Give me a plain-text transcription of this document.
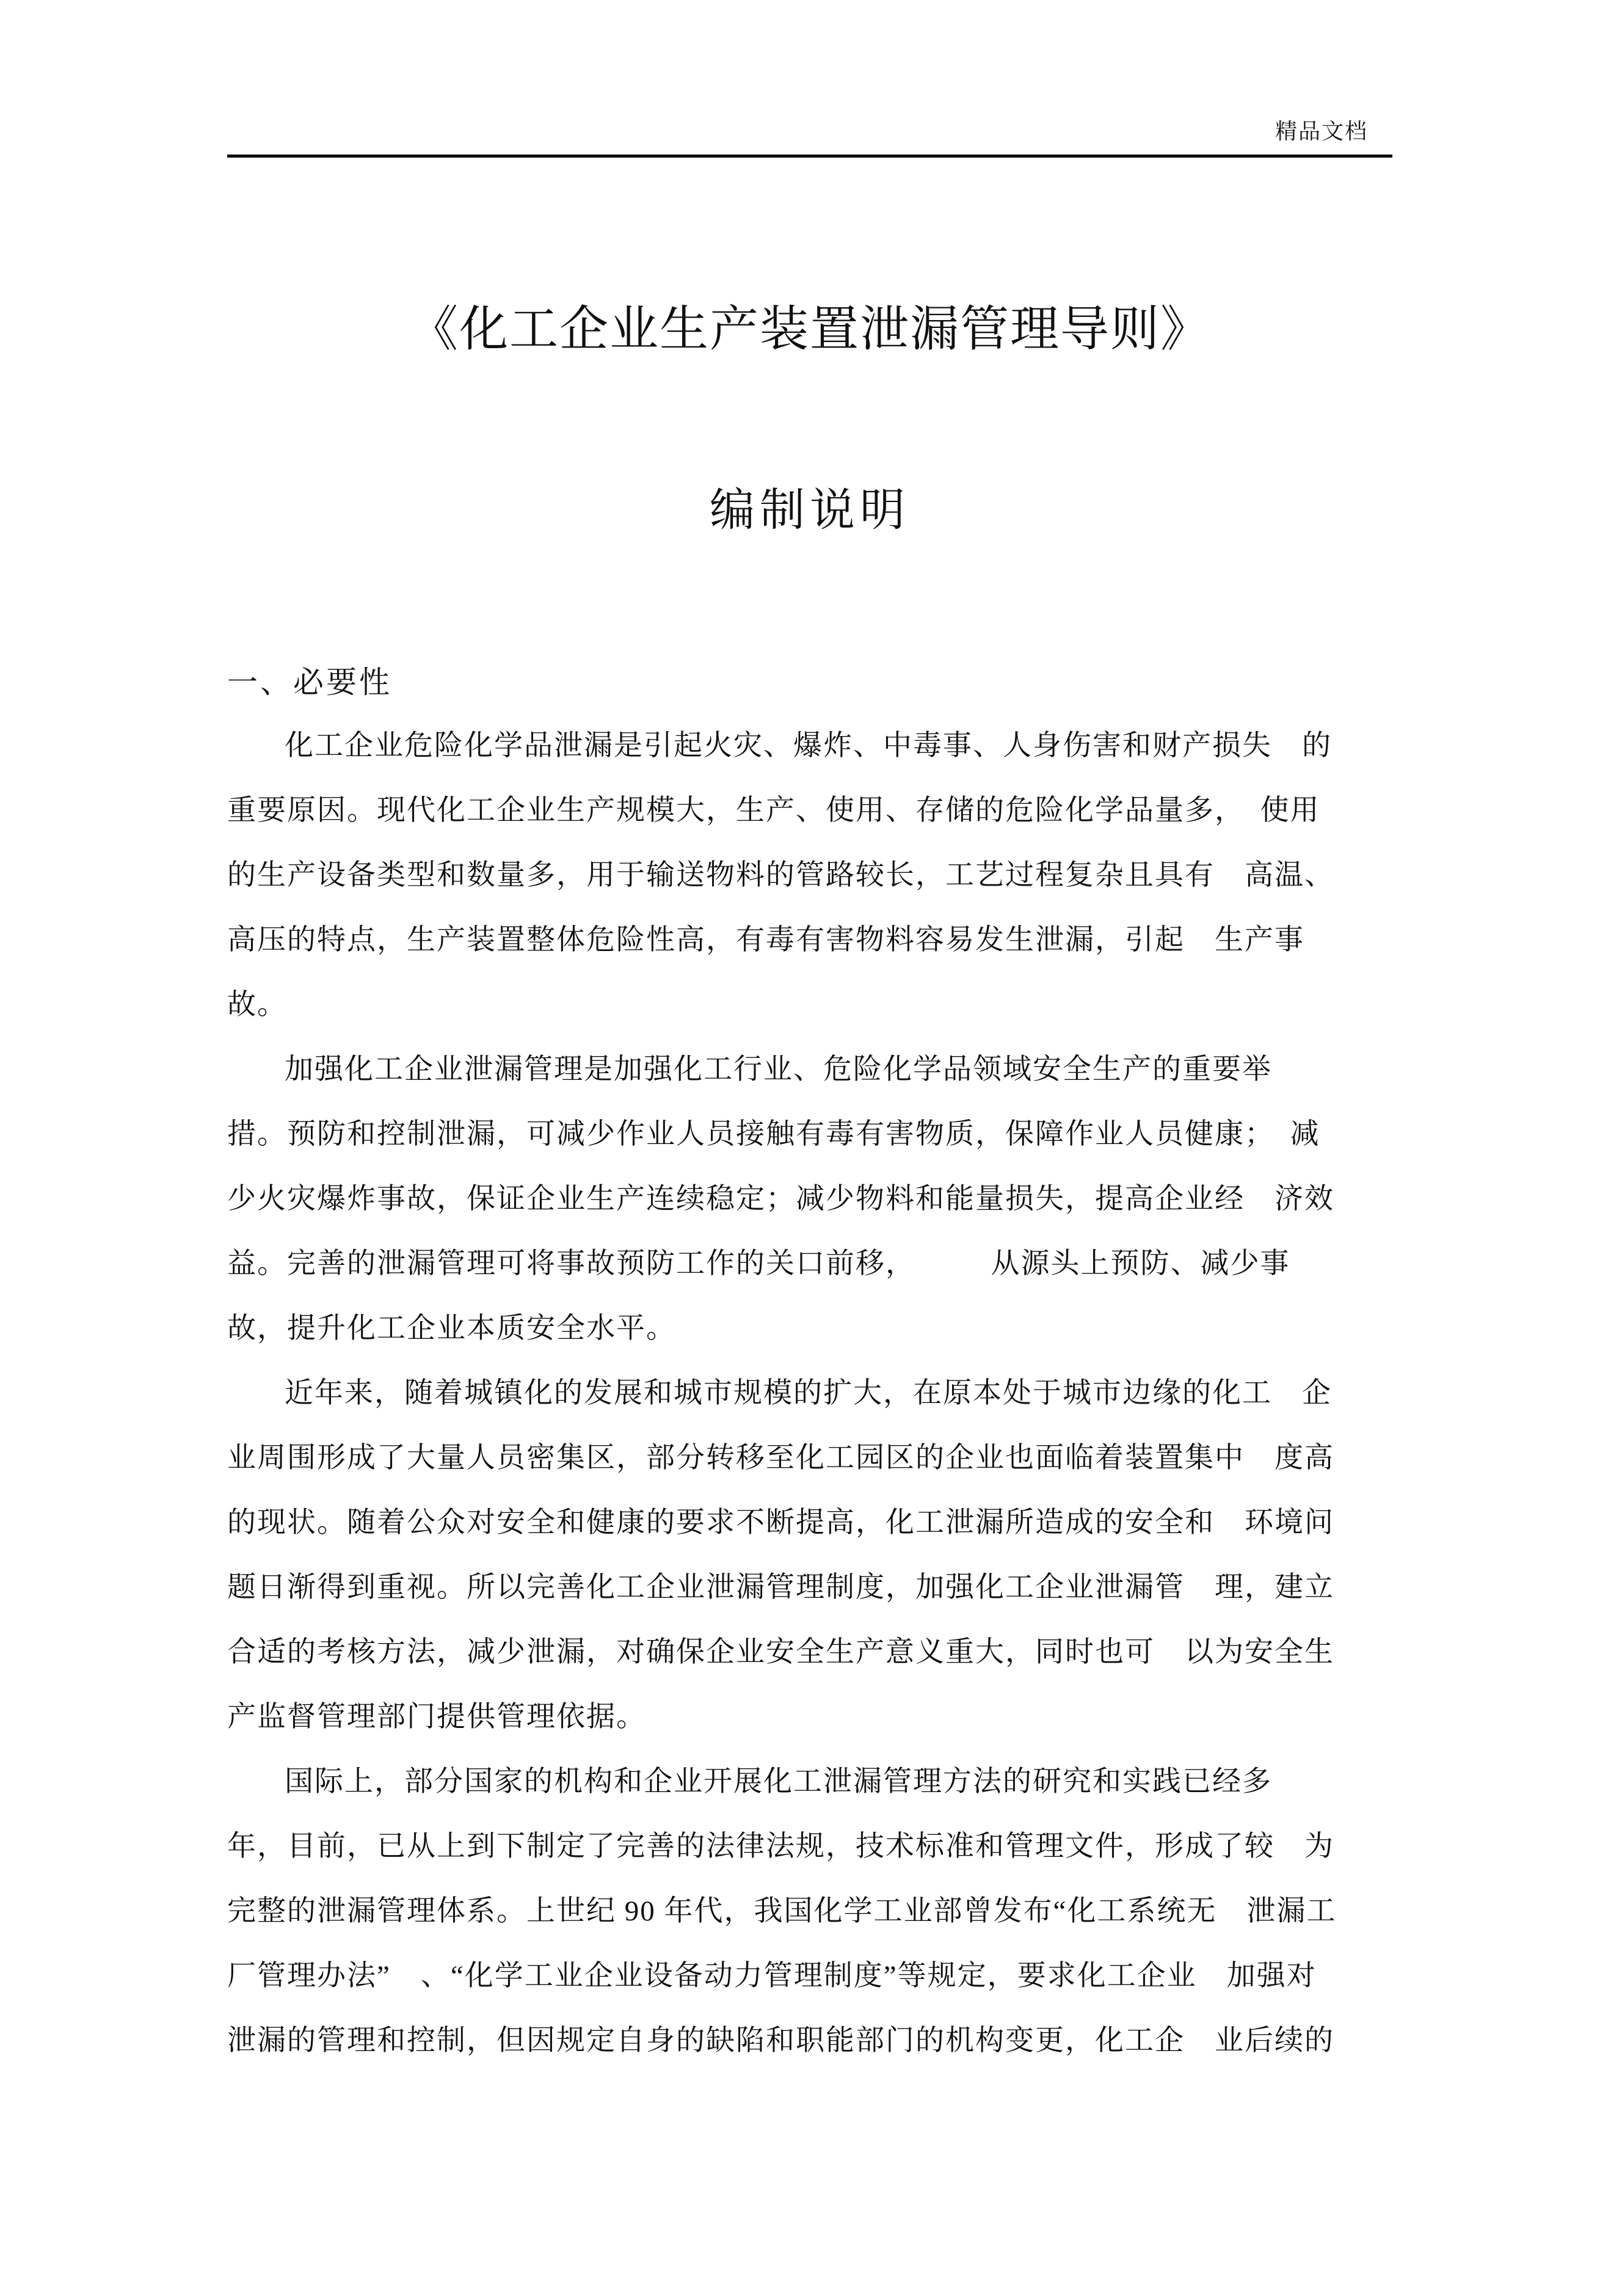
精品文档
《化工企业生产装置泄漏管理导则》
编制说明
一、必要性
化工企业危险化学品泄漏是引起火灾、爆炸、中毒事、人身伤害和财产损失　的
重要原因。现代化工企业生产规模大，生产、使用、存储的危险化学品量多，　使用
的生产设备类型和数量多，用于输送物料的管路较长，工艺过程复杂且具有　高温、
高压的特点，生产装置整体危险性高，有毒有害物料容易发生泄漏，引起　生产事
故。
加强化工企业泄漏管理是加强化工行业、危险化学品领域安全生产的重要举
措。预防和控制泄漏，可减少作业人员接触有毒有害物质，保障作业人员健康；　减
少火灾爆炸事故，保证企业生产连续稳定；减少物料和能量损失，提高企业经　济效
益。完善的泄漏管理可将事故预防工作的关口前移，　　　从源头上预防、减少事
故，提升化工企业本质安全水平。
近年来，随着城镇化的发展和城市规模的扩大，在原本处于城市边缘的化工　企
业周围形成了大量人员密集区，部分转移至化工园区的企业也面临着装置集中　度高
的现状。随着公众对安全和健康的要求不断提高，化工泄漏所造成的安全和　环境问
题日渐得到重视。所以完善化工企业泄漏管理制度，加强化工企业泄漏管　理，建立
合适的考核方法，减少泄漏，对确保企业安全生产意义重大，同时也可　以为安全生
产监督管理部门提供管理依据。
国际上，部分国家的机构和企业开展化工泄漏管理方法的研究和实践已经多
年，目前，已从上到下制定了完善的法律法规，技术标准和管理文件，形成了较　为
完整的泄漏管理体系。上世纪 90 年代，我国化学工业部曾发布“化工系统无　泄漏工
厂管理办法”　、“化学工业企业设备动力管理制度”等规定，要求化工企业　加强对
泄漏的管理和控制，但因规定自身的缺陷和职能部门的机构变更，化工企　业后续的
